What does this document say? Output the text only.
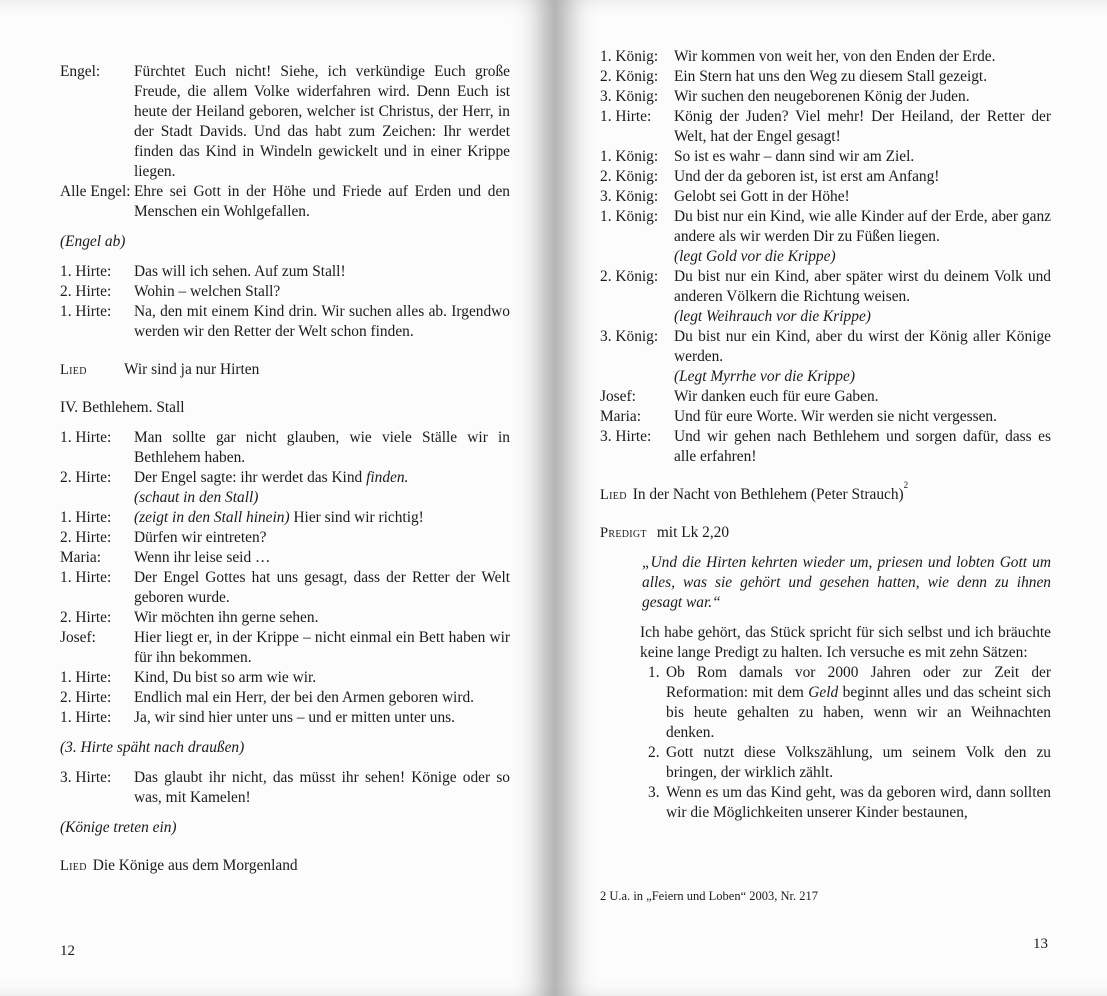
Engel:	Fürchtet Euch nicht! Siehe, ich verkündige Euch große Freude, die allem Volke widerfahren wird. Denn Euch ist heute der Heiland geboren, welcher ist Christus, der Herr, in der Stadt Davids. Und das habt zum Zeichen: Ihr werdet finden das Kind in Windeln gewickelt und in einer Krippe liegen.
Alle Engel: Ehre sei Gott in der Höhe und Friede auf Erden und den Menschen ein Wohlgefallen.
(Engel ab)
1. Hirte:	Das will ich sehen. Auf zum Stall!
2. Hirte:	Wohin – welchen Stall?
1. Hirte:	Na, den mit einem Kind drin. Wir suchen alles ab. Irgendwo werden wir den Retter der Welt schon finden.
Lied	Wir sind ja nur Hirten
IV. Bethlehem. Stall
1. Hirte:	Man sollte gar nicht glauben, wie viele Ställe wir in Bethlehem haben.
2. Hirte:	Der Engel sagte: ihr werdet das Kind finden.
(schaut in den Stall)
1. Hirte:	(zeigt in den Stall hinein) Hier sind wir richtig!
2. Hirte:	Dürfen wir eintreten?
Maria:	Wenn ihr leise seid …
1. Hirte:	Der Engel Gottes hat uns gesagt, dass der Retter der Welt geboren wurde.
2. Hirte:	Wir möchten ihn gerne sehen.
Josef:	Hier liegt er, in der Krippe – nicht einmal ein Bett haben wir für ihn bekommen.
1. Hirte:	Kind, Du bist so arm wie wir.
2. Hirte:	Endlich mal ein Herr, der bei den Armen geboren wird.
1. Hirte:	Ja, wir sind hier unter uns – und er mitten unter uns.
(3. Hirte späht nach draußen)
3. Hirte:	Das glaubt ihr nicht, das müsst ihr sehen! Könige oder so was, mit Kamelen!
(Könige treten ein)
Lied Die Könige aus dem Morgenland
12
1. König:	Wir kommen von weit her, von den Enden der Erde.
2. König:	Ein Stern hat uns den Weg zu diesem Stall gezeigt.
3. König:	Wir suchen den neugeborenen König der Juden.
1. Hirte:	König der Juden? Viel mehr! Der Heiland, der Retter der Welt, hat der Engel gesagt!
1. König:	So ist es wahr – dann sind wir am Ziel.
2. König:	Und der da geboren ist, ist erst am Anfang!
3. König:	Gelobt sei Gott in der Höhe!
1. König:	Du bist nur ein Kind, wie alle Kinder auf der Erde, aber ganz andere als wir werden Dir zu Füßen liegen.
(legt Gold vor die Krippe)
2. König:	Du bist nur ein Kind, aber später wirst du deinem Volk und anderen Völkern die Richtung weisen.
(legt Weihrauch vor die Krippe)
3. König:	Du bist nur ein Kind, aber du wirst der König aller Könige werden.
(Legt Myrrhe vor die Krippe)
Josef:	Wir danken euch für eure Gaben.
Maria:	Und für eure Worte. Wir werden sie nicht vergessen.
3. Hirte:	Und wir gehen nach Bethlehem und sorgen dafür, dass es alle erfahren!
Lied In der Nacht von Bethlehem (Peter Strauch)
2
Predigt mit Lk 2,20
„Und die Hirten kehrten wieder um, priesen und lobten Gott um alles, was sie gehört und gesehen hatten, wie denn zu ihnen gesagt war.“
Ich habe gehört, das Stück spricht für sich selbst und ich bräuchte keine lange Predigt zu halten. Ich versuche es mit zehn Sätzen:
1. Ob Rom damals vor 2000 Jahren oder zur Zeit der Reformation: mit dem Geld beginnt alles und das scheint sich bis heute gehalten zu haben, wenn wir an Weihnachten denken.
2. Gott nutzt diese Volkszählung, um seinem Volk den zu bringen, der wirklich zählt.
3. Wenn es um das Kind geht, was da geboren wird, dann sollten wir die Möglichkeiten unserer Kinder bestaunen,
2 U.a. in „Feiern und Loben“ 2003, Nr. 217
13
